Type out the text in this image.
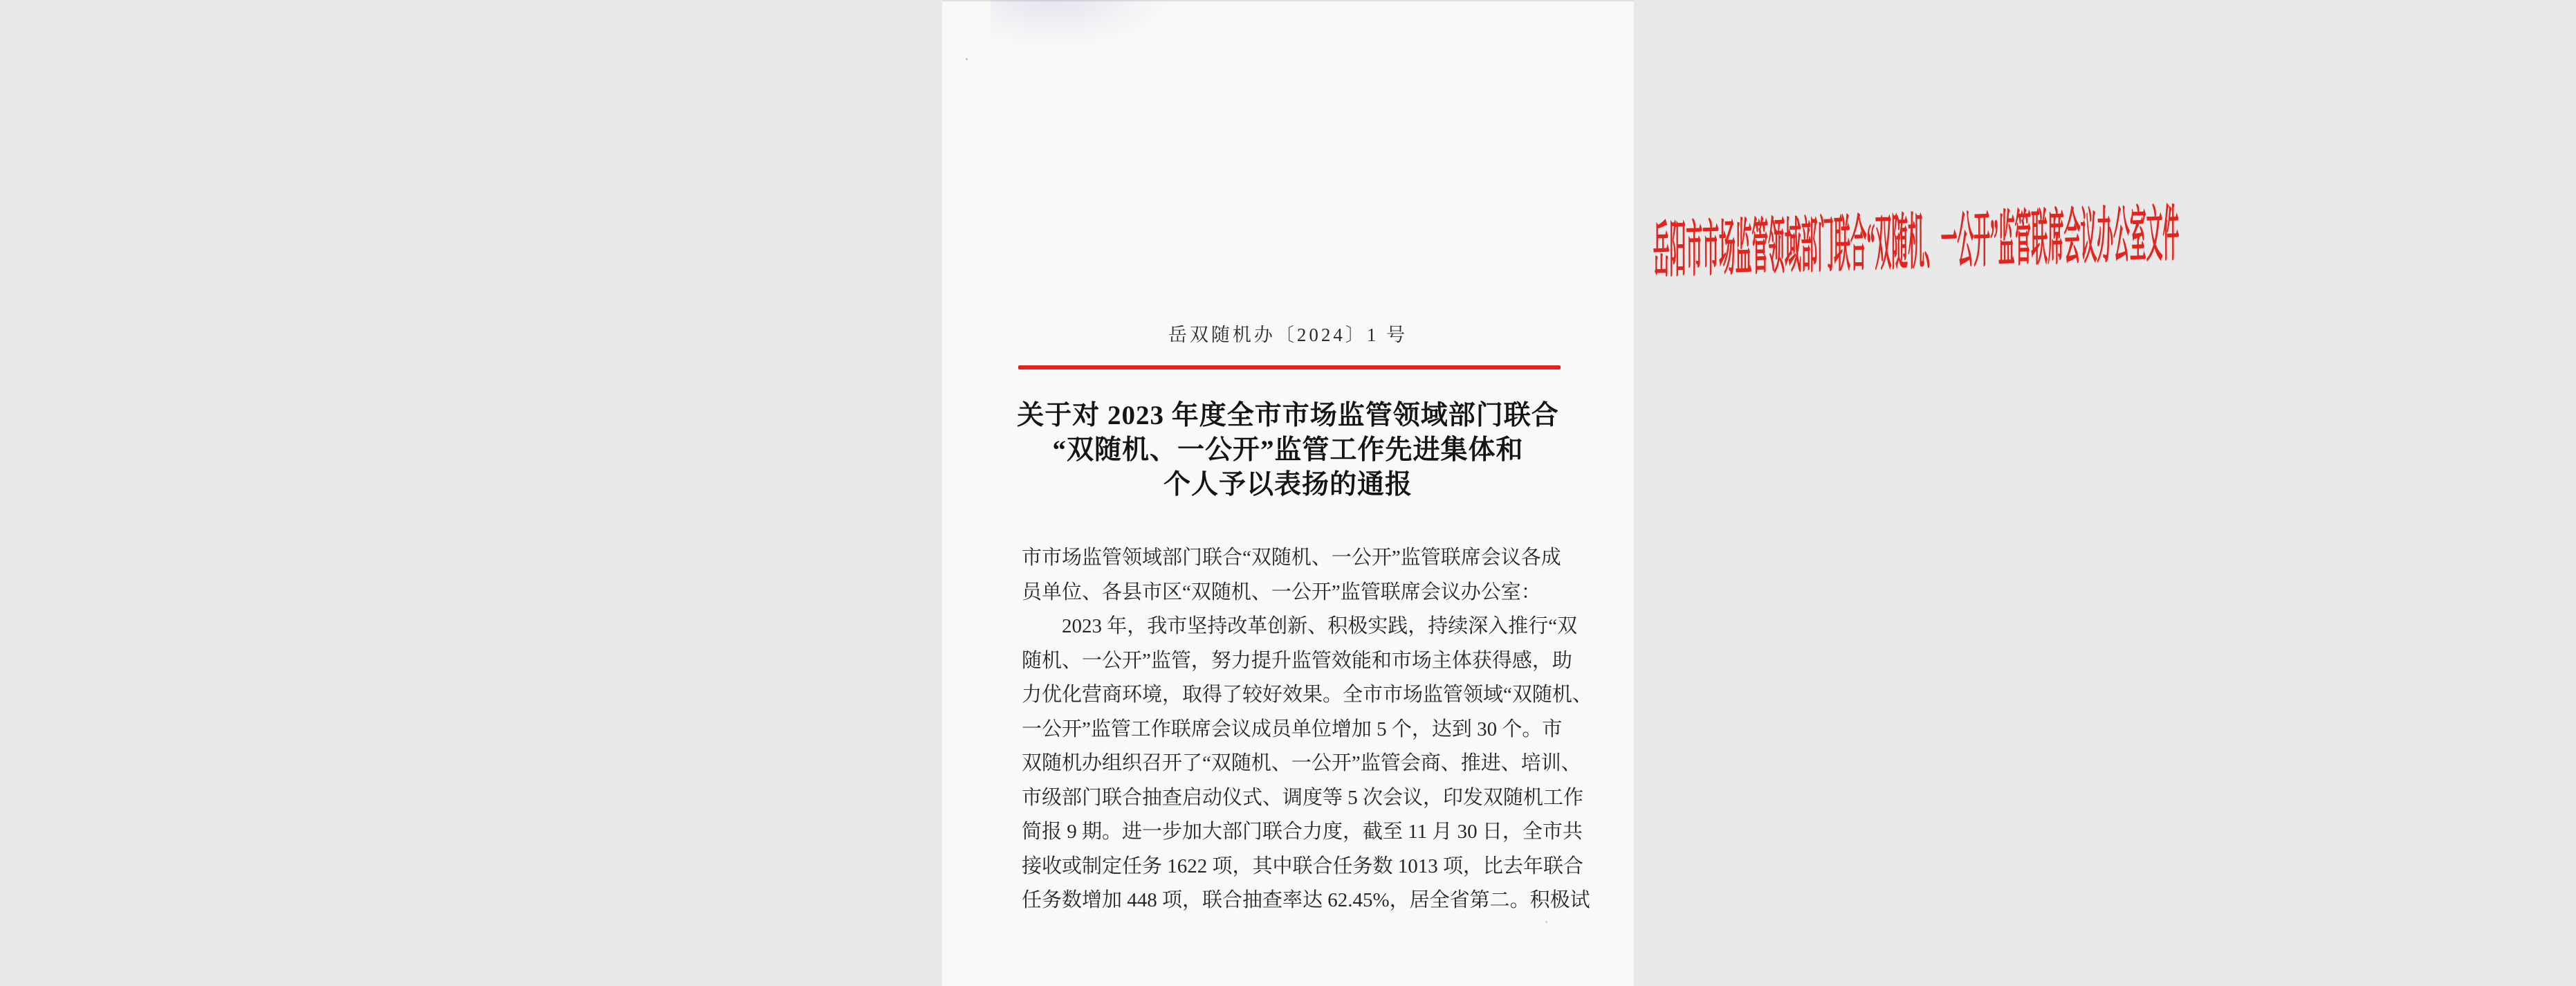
岳阳市市场监管领域部门联合“双随机、一公开”监管联席会议办公室文件
岳双随机办〔2024〕1 号
关于对 2023 年度全市市场监管领域部门联合
“双随机、一公开”监管工作先进集体和
个人予以表扬的通报
市市场监管领域部门联合“双随机、一公开”监管联席会议各成
员单位、各县市区“双随机、一公开”监管联席会议办公室：
2023 年，我市坚持改革创新、积极实践，持续深入推行“双
随机、一公开”监管，努力提升监管效能和市场主体获得感，助
力优化营商环境，取得了较好效果。全市市场监管领域“双随机、
一公开”监管工作联席会议成员单位增加 5 个，达到 30 个。市
双随机办组织召开了“双随机、一公开”监管会商、推进、培训、
市级部门联合抽查启动仪式、调度等 5 次会议，印发双随机工作
简报 9 期。进一步加大部门联合力度，截至 11 月 30 日，全市共
接收或制定任务 1622 项，其中联合任务数 1013 项，比去年联合
任务数增加 448 项，联合抽查率达 62.45%，居全省第二。积极试
